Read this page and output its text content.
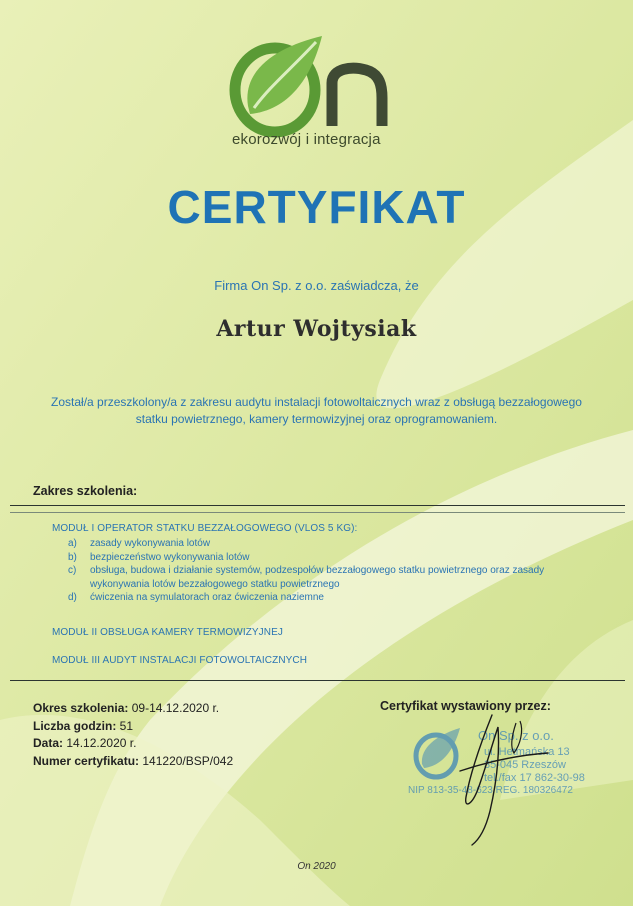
ekorozwój i integracja
CERTYFIKAT
Firma On Sp. z o.o. zaświadcza, że
Artur Wojtysiak
Został/a przeszkolony/a z zakresu audytu instalacji fotowoltaicznych wraz z obsługą bezzałogowego statku powietrznego, kamery termowizyjnej oraz oprogramowaniem.
Zakres szkolenia:
MODUŁ I OPERATOR STATKU BEZZAŁOGOWEGO (VLOS 5 KG):
a) zasady wykonywania lotów
b) bezpieczeństwo wykonywania lotów
c) obsługa, budowa i działanie systemów, podzespołów bezzałogowego statku powietrznego oraz zasady wykonywania lotów bezzałogowego statku powietrznego
d) ćwiczenia na symulatorach oraz ćwiczenia naziemne
MODUŁ II OBSŁUGA KAMERY TERMOWIZYJNEJ
MODUŁ III AUDYT INSTALACJI FOTOWOLTAICZNYCH
Okres szkolenia: 09-14.12.2020 r.
Liczba godzin: 51
Data: 14.12.2020 r.
Numer certyfikatu: 141220/BSP/042
Certyfikat wystawiony przez:
On Sp. z o.o.
ul. Hetmańska 13
35-045 Rzeszów
tel./fax 17 862-30-98
NIP 813-35-48-623 REG. 180326472
On 2020
